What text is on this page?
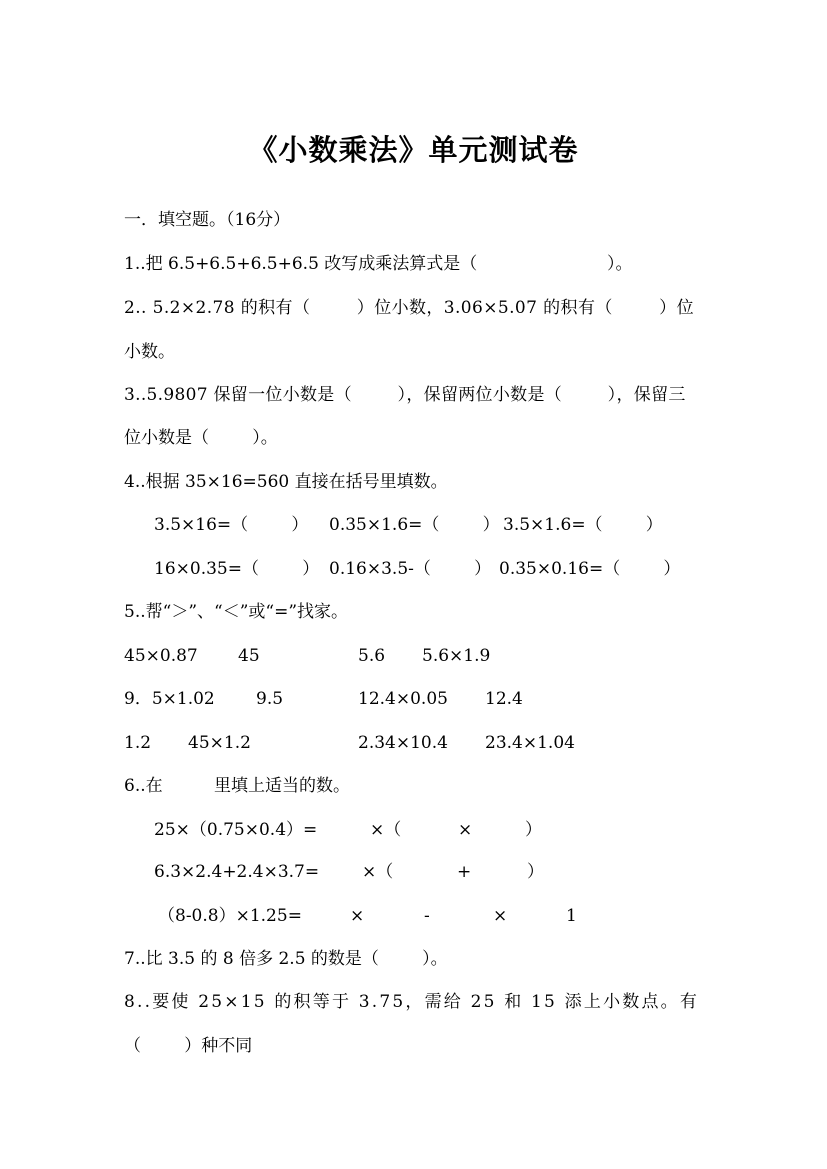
《小数乘法》单元测试卷
一．填空题。（16分）
1..把 6.5+6.5+6.5+6.5 改写成乘法算式是（                        ）。
2.. 5.2×2.78 的积有（        ）位小数，3.06×5.07 的积有（        ）位
小数。
3..5.9807 保留一位小数是（        ），保留两位小数是（        ），保留三
位小数是（        ）。
4..根据 35×16=560 直接在括号里填数。
3.5×16=（        ） 0.35×1.6=（        ） 3.5×1.6=（        ）
16×0.35=（        ） 0.16×3.5-（        ） 0.35×0.16=（        ）
5..帮“＞”、“＜”或“=”找家。
45×0.87 45	5.6 5.6×1.9
9．5×1.02 9.5	12.4×0.05 12.4
1.2 45×1.2	2.34×10.4 23.4×1.04
6..在	里填上适当的数。
25×（0.75×0.4）=	×（	×	）
6.3×2.4+2.4×3.7=	×（	+	）
（8-0.8）×1.25=	×	-	×	1
7..比 3.5 的 8 倍多 2.5 的数是（        ）。
8..要使 25×15 的积等于 3.75，需给 25 和 15 添上小数点。有
（        ）种不同
